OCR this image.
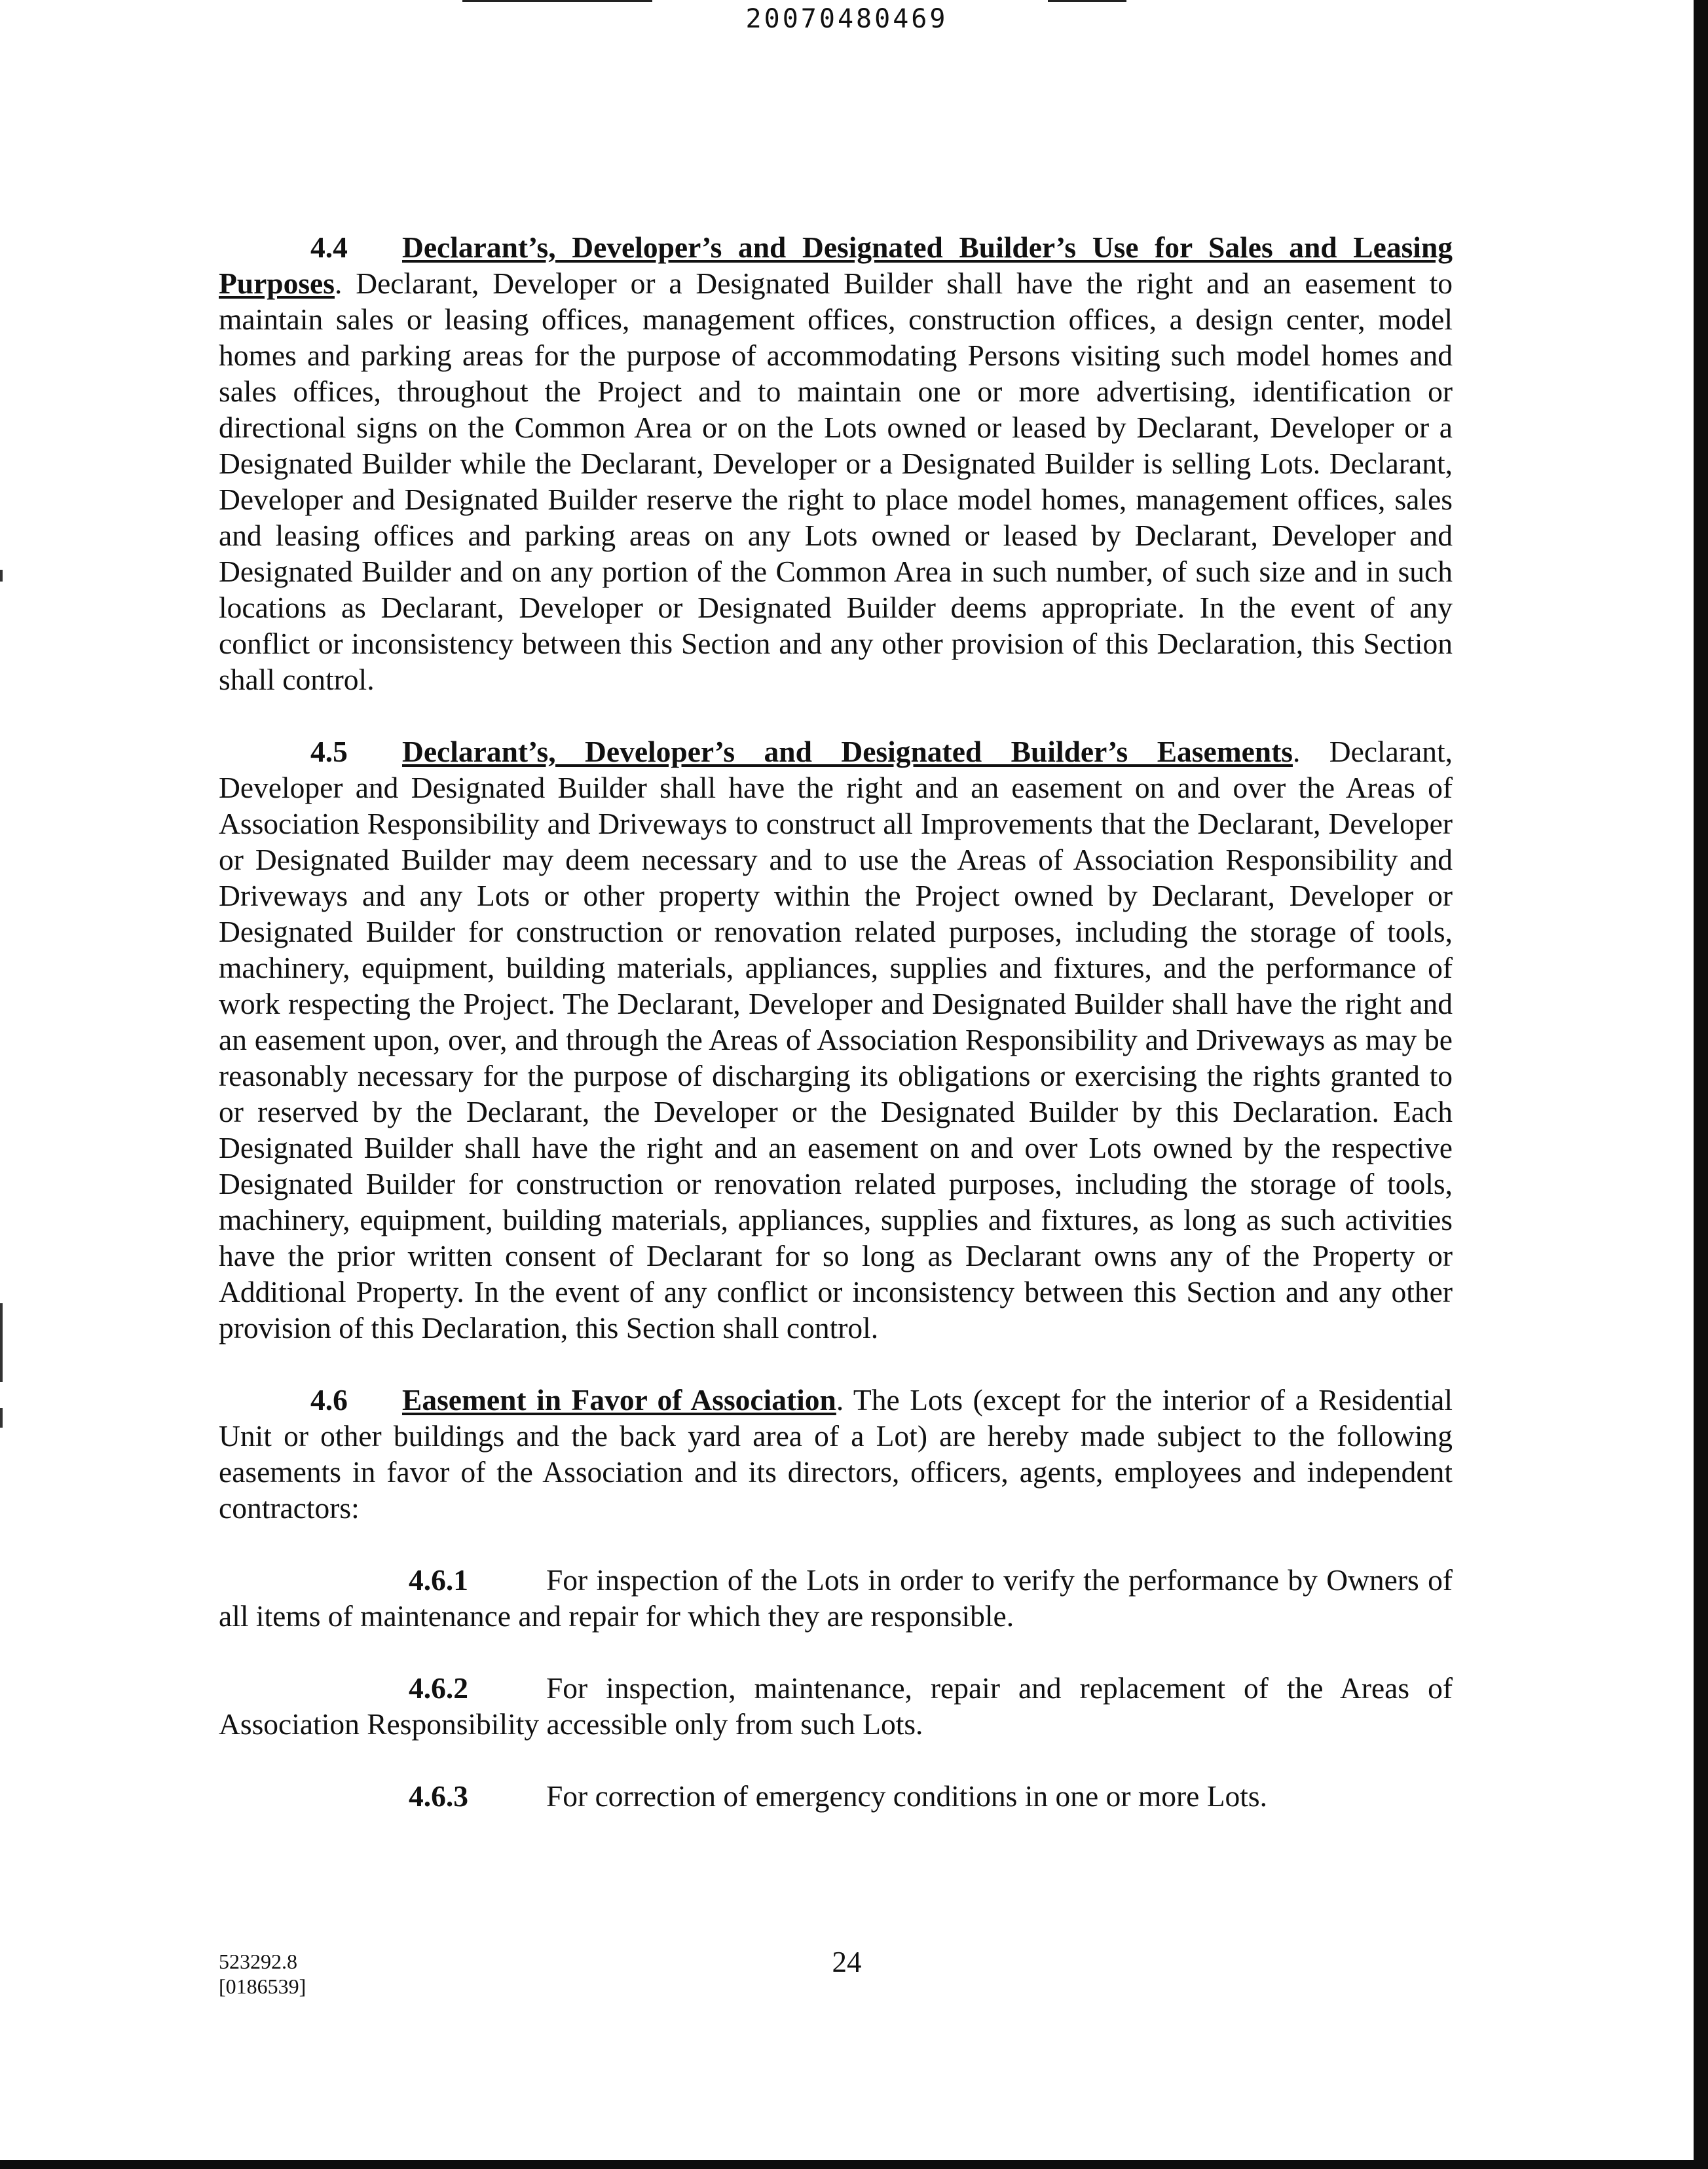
20070480469

4.4 Declarant’s, Developer’s and Designated Builder’s Use for Sales and Leasing Purposes. Declarant, Developer or a Designated Builder shall have the right and an easement to maintain sales or leasing offices, management offices, construction offices, a design center, model homes and parking areas for the purpose of accommodating Persons visiting such model homes and sales offices, throughout the Project and to maintain one or more advertising, identification or directional signs on the Common Area or on the Lots owned or leased by Declarant, Developer or a Designated Builder while the Declarant, Developer or a Designated Builder is selling Lots. Declarant, Developer and Designated Builder reserve the right to place model homes, management offices, sales and leasing offices and parking areas on any Lots owned or leased by Declarant, Developer and Designated Builder and on any portion of the Common Area in such number, of such size and in such locations as Declarant, Developer or Designated Builder deems appropriate. In the event of any conflict or inconsistency between this Section and any other provision of this Declaration, this Section shall control.

4.5 Declarant’s, Developer’s and Designated Builder’s Easements. Declarant, Developer and Designated Builder shall have the right and an easement on and over the Areas of Association Responsibility and Driveways to construct all Improvements that the Declarant, Developer or Designated Builder may deem necessary and to use the Areas of Association Responsibility and Driveways and any Lots or other property within the Project owned by Declarant, Developer or Designated Builder for construction or renovation related purposes, including the storage of tools, machinery, equipment, building materials, appliances, supplies and fixtures, and the performance of work respecting the Project. The Declarant, Developer and Designated Builder shall have the right and an easement upon, over, and through the Areas of Association Responsibility and Driveways as may be reasonably necessary for the purpose of discharging its obligations or exercising the rights granted to or reserved by the Declarant, the Developer or the Designated Builder by this Declaration. Each Designated Builder shall have the right and an easement on and over Lots owned by the respective Designated Builder for construction or renovation related purposes, including the storage of tools, machinery, equipment, building materials, appliances, supplies and fixtures, as long as such activities have the prior written consent of Declarant for so long as Declarant owns any of the Property or Additional Property. In the event of any conflict or inconsistency between this Section and any other provision of this Declaration, this Section shall control.

4.6 Easement in Favor of Association. The Lots (except for the interior of a Residential Unit or other buildings and the back yard area of a Lot) are hereby made subject to the following easements in favor of the Association and its directors, officers, agents, employees and independent contractors:

4.6.1	For inspection of the Lots in order to verify the performance by Owners of all items of maintenance and repair for which they are responsible.

4.6.2	For inspection, maintenance, repair and replacement of the Areas of Association Responsibility accessible only from such Lots.

4.6.3	For correction of emergency conditions in one or more Lots.

523292.8
[0186539]
24
